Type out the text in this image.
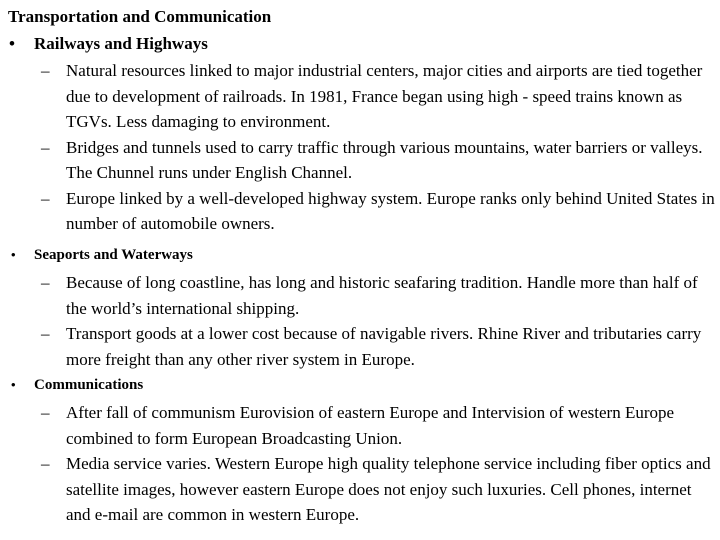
Transportation and Communication
• Railways and Highways
– Natural resources linked to major industrial centers, major cities and airports are tied together due to development of railroads. In 1981, France began using high - speed trains known as TGVs. Less damaging to environment.
– Bridges and tunnels used to carry traffic through various mountains, water barriers or valleys. The Chunnel runs under English Channel.
– Europe linked by a well-developed highway system. Europe ranks only behind United States in number of automobile owners.
• Seaports and Waterways
– Because of long coastline, has long and historic seafaring tradition. Handle more than half of the world’s international shipping.
– Transport goods at a lower cost because of navigable rivers. Rhine River and tributaries carry more freight than any other river system in Europe.
• Communications
– After fall of communism Eurovision of eastern Europe and Intervision of western Europe combined to form European Broadcasting Union.
– Media service varies. Western Europe high quality telephone service including fiber optics and satellite images, however eastern Europe does not enjoy such luxuries. Cell phones, internet and e-mail are common in western Europe.
